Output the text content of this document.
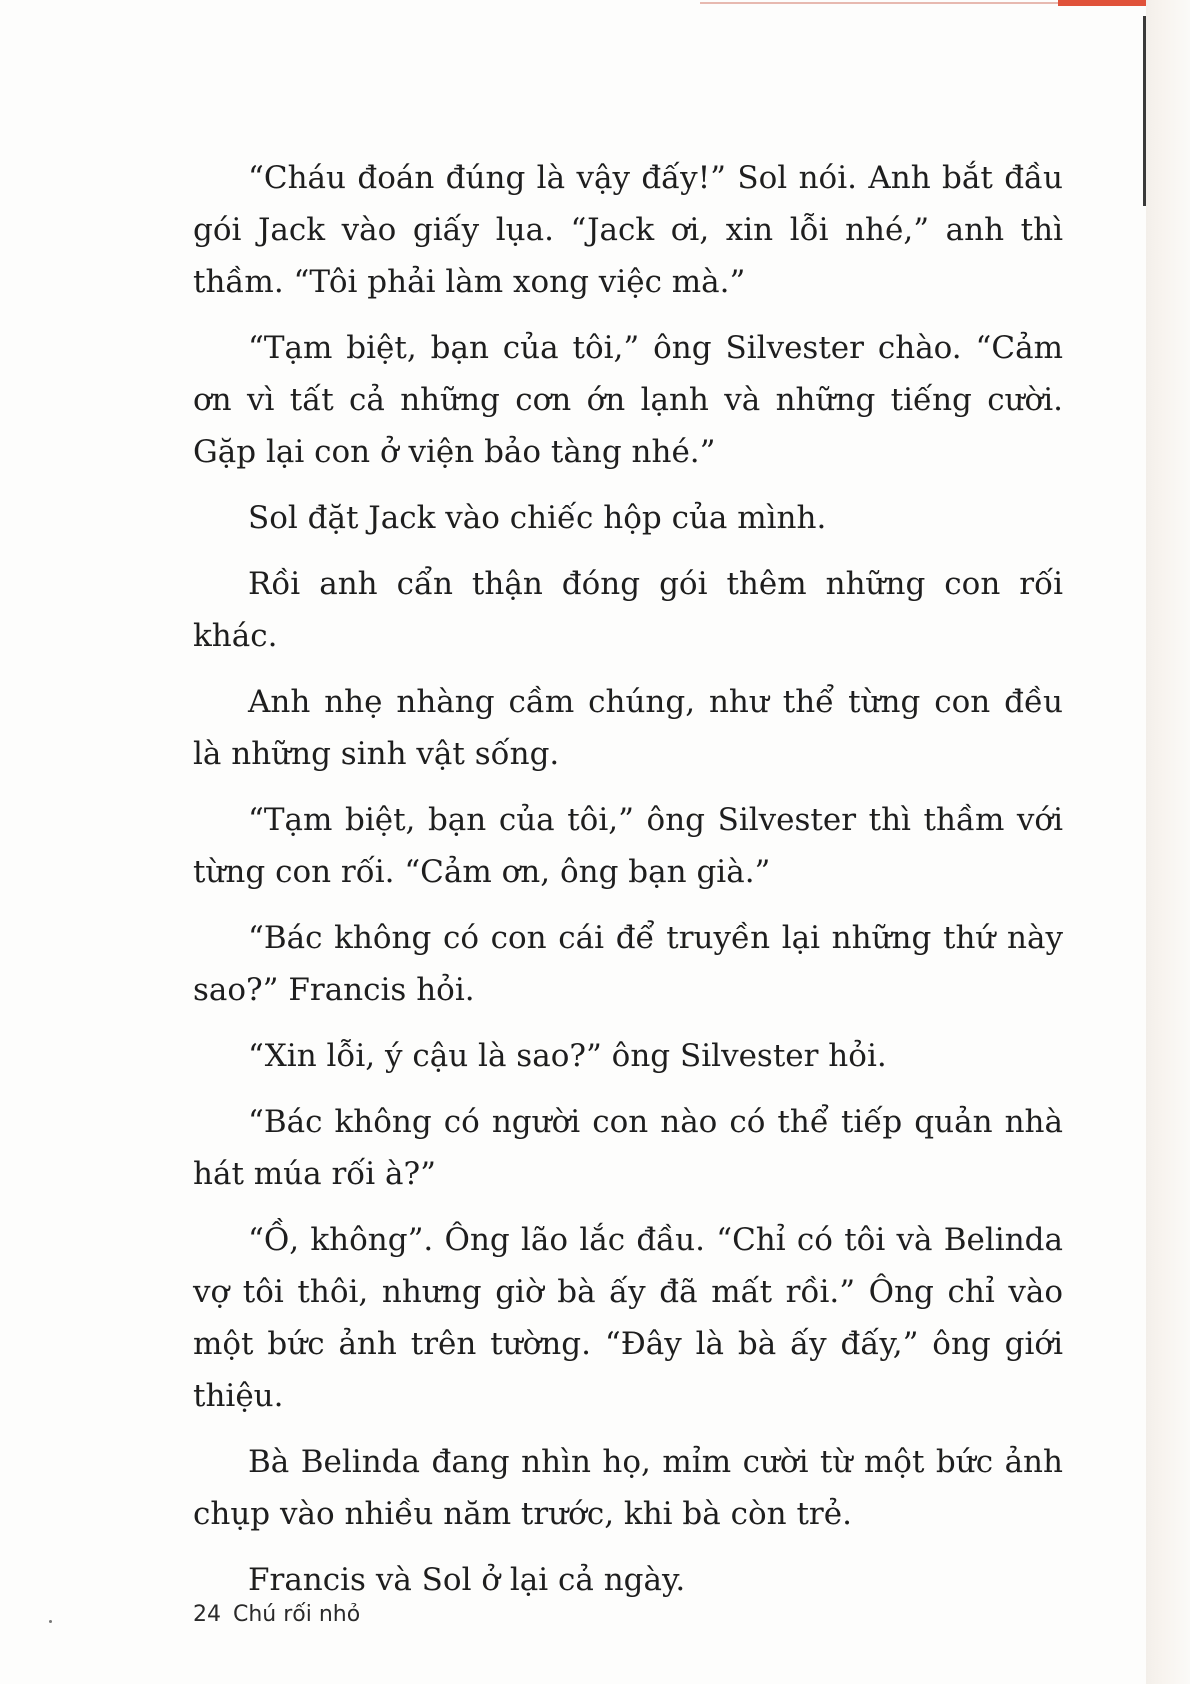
“Cháu đoán đúng là vậy đấy!” Sol nói. Anh bắt đầu gói Jack vào giấy lụa. “Jack ơi, xin lỗi nhé,” anh thì thầm. “Tôi phải làm xong việc mà.”

“Tạm biệt, bạn của tôi,” ông Silvester chào. “Cảm ơn vì tất cả những cơn ớn lạnh và những tiếng cười. Gặp lại con ở viện bảo tàng nhé.”

Sol đặt Jack vào chiếc hộp của mình.

Rồi anh cẩn thận đóng gói thêm những con rối khác.

Anh nhẹ nhàng cầm chúng, như thể từng con đều là những sinh vật sống.

“Tạm biệt, bạn của tôi,” ông Silvester thì thầm với từng con rối. “Cảm ơn, ông bạn già.”

“Bác không có con cái để truyền lại những thứ này sao?” Francis hỏi.

“Xin lỗi, ý cậu là sao?” ông Silvester hỏi.

“Bác không có người con nào có thể tiếp quản nhà hát múa rối à?”

“Ồ, không”. Ông lão lắc đầu. “Chỉ có tôi và Belinda vợ tôi thôi, nhưng giờ bà ấy đã mất rồi.” Ông chỉ vào một bức ảnh trên tường. “Đây là bà ấy đấy,” ông giới thiệu.

Bà Belinda đang nhìn họ, mỉm cười từ một bức ảnh chụp vào nhiều năm trước, khi bà còn trẻ.

Francis và Sol ở lại cả ngày.

24 Chú rối nhỏ
